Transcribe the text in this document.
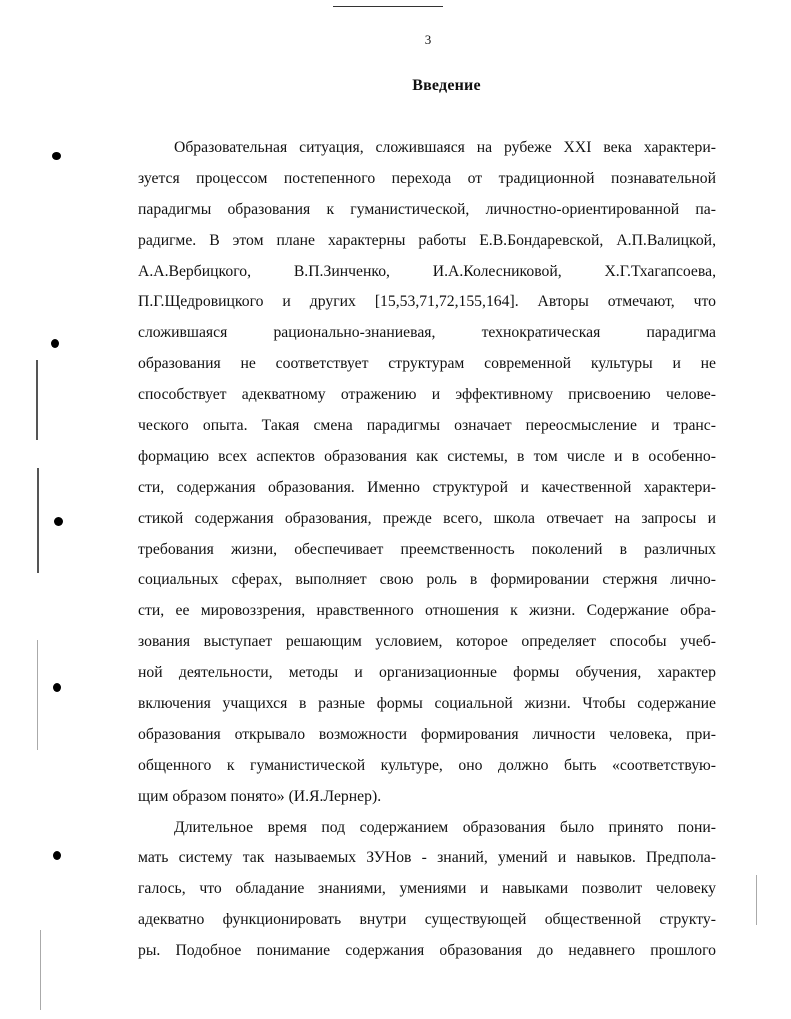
3
Введение
Образовательная ситуация, сложившаяся на рубеже XXI века характери-
зуется процессом постепенного перехода от традиционной познавательной
парадигмы образования к гуманистической, личностно-ориентированной па-
радигме. В этом плане характерны работы Е.В.Бондаревской, А.П.Валицкой,
А.А.Вербицкого, В.П.Зинченко, И.А.Колесниковой, Х.Г.Тхагапсоева,
П.Г.Щедровицкого и других [15,53,71,72,155,164]. Авторы отмечают, что
сложившаяся рационально-знаниевая, технократическая парадигма
образования не соответствует структурам современной культуры и не
способствует адекватному отражению и эффективному присвоению челове-
ческого опыта. Такая смена парадигмы означает переосмысление и транс-
формацию всех аспектов образования как системы, в том числе и в особенно-
сти, содержания образования. Именно структурой и качественной характери-
стикой содержания образования, прежде всего, школа отвечает на запросы и
требования жизни, обеспечивает преемственность поколений в различных
социальных сферах, выполняет свою роль в формировании стержня лично-
сти, ее мировоззрения, нравственного отношения к жизни. Содержание обра-
зования выступает решающим условием, которое определяет способы учеб-
ной деятельности, методы и организационные формы обучения, характер
включения учащихся в разные формы социальной жизни. Чтобы содержание
образования открывало возможности формирования личности человека, при-
общенного к гуманистической культуре, оно должно быть «соответствую-
щим образом понято» (И.Я.Лернер).
Длительное время под содержанием образования было принято пони-
мать систему так называемых ЗУНов - знаний, умений и навыков. Предпола-
галось, что обладание знаниями, умениями и навыками позволит человеку
адекватно функционировать внутри существующей общественной структу-
ры. Подобное понимание содержания образования до недавнего прошлого
